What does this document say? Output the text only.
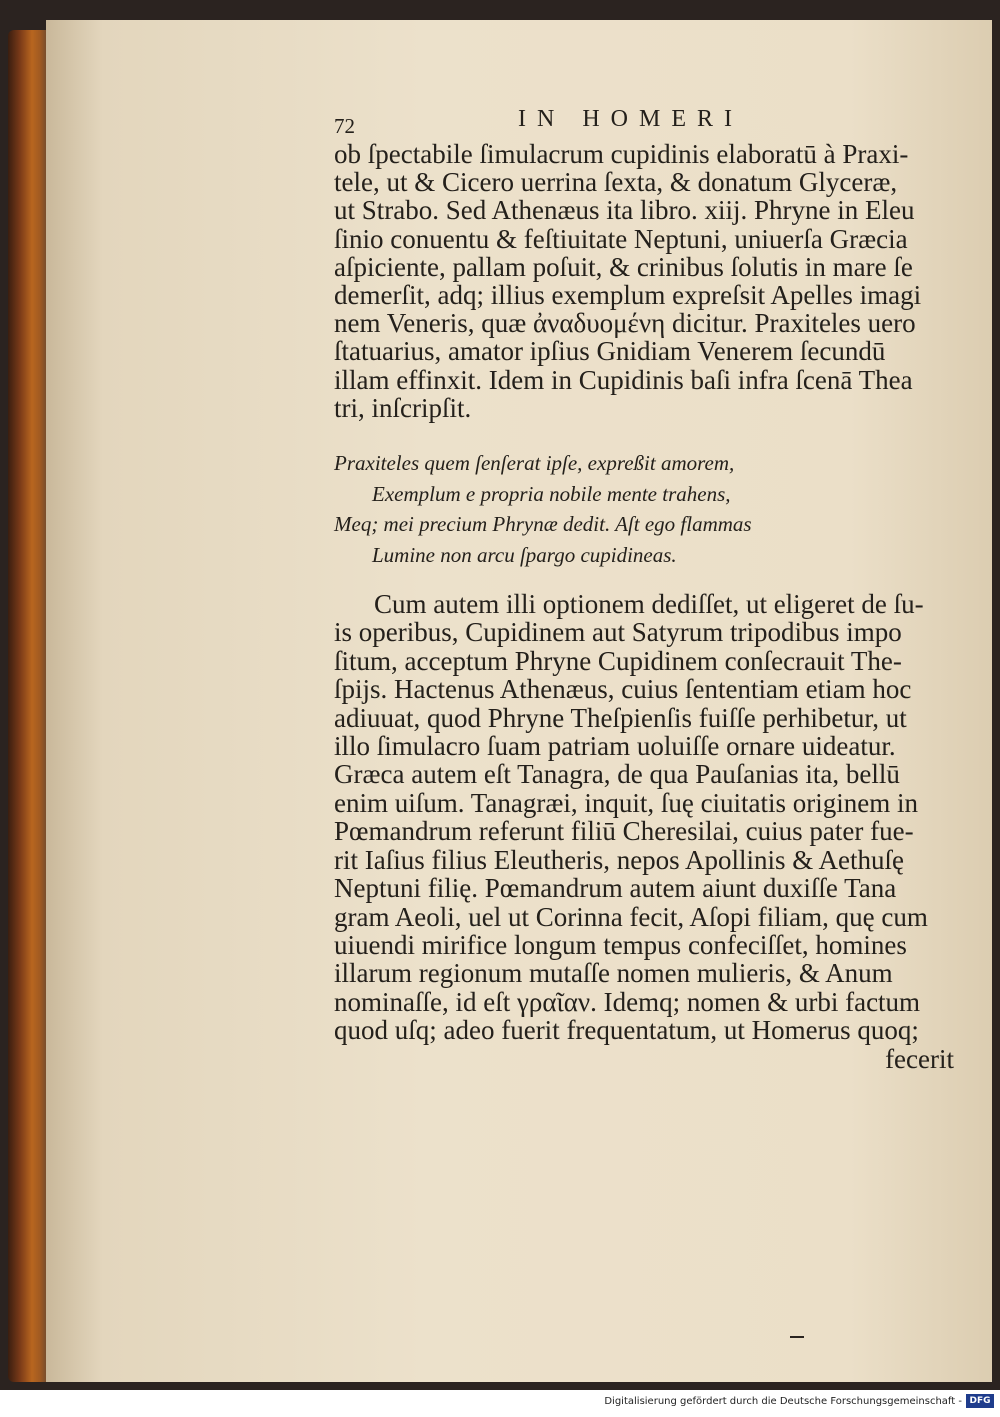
72	IN HOMERI
ob ſpectabile ſimulacrum cupidinis elaboratū à Praxi-
tele, ut & Cicero uerrina ſexta, & donatum Glyceræ,
ut Strabo. Sed Athenæus ita libro. xiij. Phryne in Eleu
ſinio conuentu & feſtiuitate Neptuni, uniuerſa Græcia
aſpiciente, pallam poſuit, & crinibus ſolutis in mare ſe
demerſit, adq; illius exemplum expreſsit Apelles imagi
nem Veneris, quæ ἀναδυομένη dicitur. Praxiteles uero
ſtatuarius, amator ipſius Gnidiam Venerem ſecundū
illam effinxit. Idem in Cupidinis baſi infra ſcenā Thea
tri, inſcripſit.
Praxiteles quem ſenſerat ipſe, expreßit amorem,
Exemplum e propria nobile mente trahens,
Meq; mei precium Phrynæ dedit. Aſt ego flammas
Lumine non arcu ſpargo cupidineas.
Cum autem illi optionem dediſſet, ut eligeret de ſu-
is operibus, Cupidinem aut Satyrum tripodibus impo
ſitum, acceptum Phryne Cupidinem conſecrauit The-
ſpijs. Hactenus Athenæus, cuius ſententiam etiam hoc
adiuuat, quod Phryne Theſpienſis fuiſſe perhibetur, ut
illo ſimulacro ſuam patriam uoluiſſe ornare uideatur.
Græca autem eſt Tanagra, de qua Pauſanias ita, bellū
enim uiſum. Tanagræi, inquit, ſuę ciuitatis originem in
Pœmandrum referunt filiū Cheresilai, cuius pater fue-
rit Iaſius filius Eleutheris, nepos Apollinis & Aethuſę
Neptuni filię. Pœmandrum autem aiunt duxiſſe Tana
gram Aeoli, uel ut Corinna fecit, Aſopi filiam, quę cum
uiuendi mirifice longum tempus confeciſſet, homines
illarum regionum mutaſſe nomen mulieris, & Anum
nominaſſe, id eſt γραῖαν. Idemq; nomen & urbi factum
quod uſq; adeo fuerit frequentatum, ut Homerus quoq;
fecerit
Digitalisierung gefördert durch die Deutsche Forschungsgemeinschaft - DFG
